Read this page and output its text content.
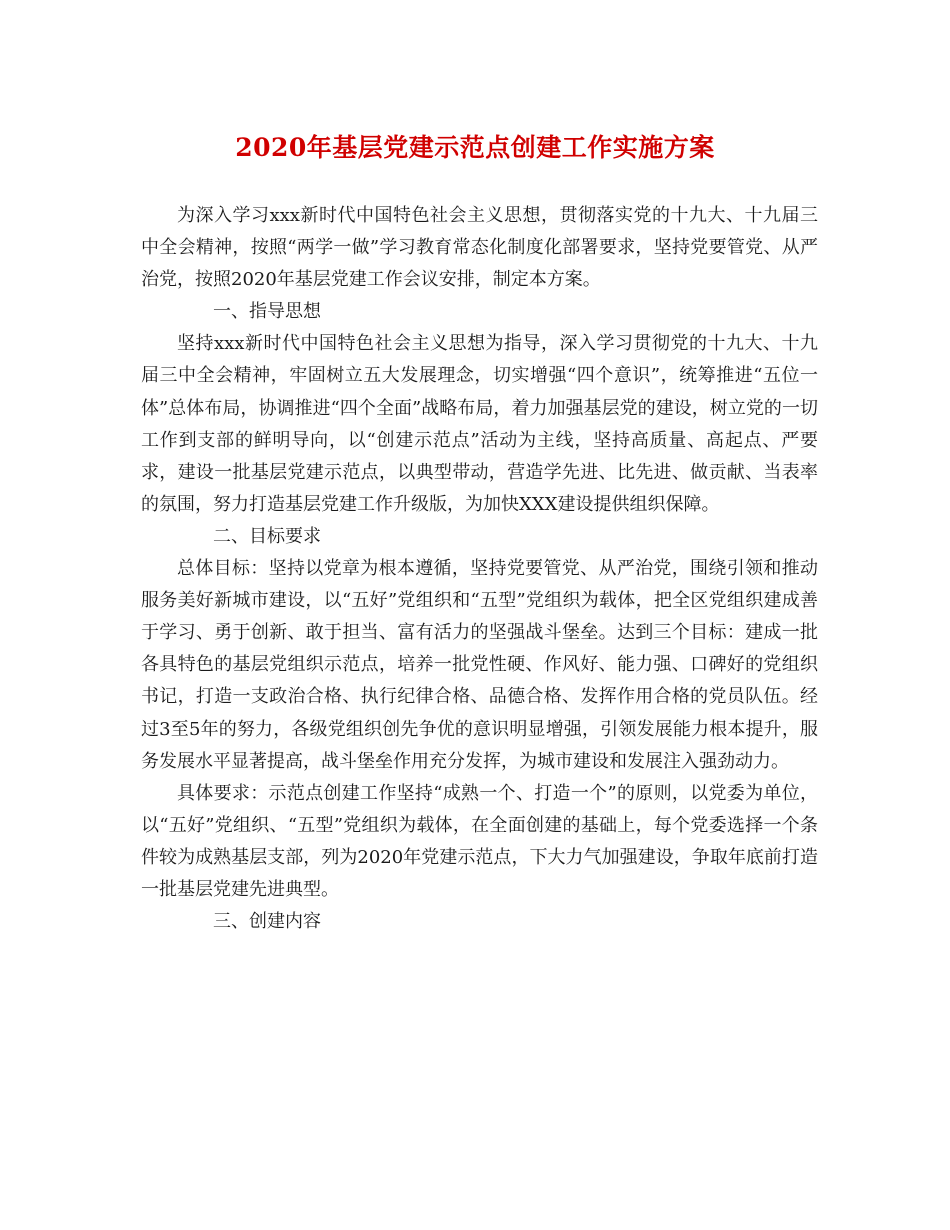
2020年基层党建示范点创建工作实施方案

为深入学习xxx新时代中国特色社会主义思想，贯彻落实党的十九大、十九届三中全会精神，按照“两学一做”学习教育常态化制度化部署要求，坚持党要管党、从严治党，按照2020年基层党建工作会议安排，制定本方案。

一、指导思想

坚持xxx新时代中国特色社会主义思想为指导，深入学习贯彻党的十九大、十九届三中全会精神，牢固树立五大发展理念，切实增强“四个意识”，统筹推进“五位一体”总体布局，协调推进“四个全面”战略布局，着力加强基层党的建设，树立党的一切工作到支部的鲜明导向，以“创建示范点”活动为主线，坚持高质量、高起点、严要求，建设一批基层党建示范点，以典型带动，营造学先进、比先进、做贡献、当表率的氛围，努力打造基层党建工作升级版，为加快XXX建设提供组织保障。

二、目标要求

总体目标：坚持以党章为根本遵循，坚持党要管党、从严治党，围绕引领和推动服务美好新城市建设，以“五好”党组织和“五型”党组织为载体，把全区党组织建成善于学习、勇于创新、敢于担当、富有活力的坚强战斗堡垒。达到三个目标：建成一批各具特色的基层党组织示范点，培养一批党性硬、作风好、能力强、口碑好的党组织书记，打造一支政治合格、执行纪律合格、品德合格、发挥作用合格的党员队伍。经过3至5年的努力，各级党组织创先争优的意识明显增强，引领发展能力根本提升，服务发展水平显著提高，战斗堡垒作用充分发挥，为城市建设和发展注入强劲动力。

具体要求：示范点创建工作坚持“成熟一个、打造一个”的原则，以党委为单位，以“五好”党组织、“五型”党组织为载体，在全面创建的基础上，每个党委选择一个条件较为成熟基层支部，列为2020年党建示范点，下大力气加强建设，争取年底前打造一批基层党建先进典型。

三、创建内容
